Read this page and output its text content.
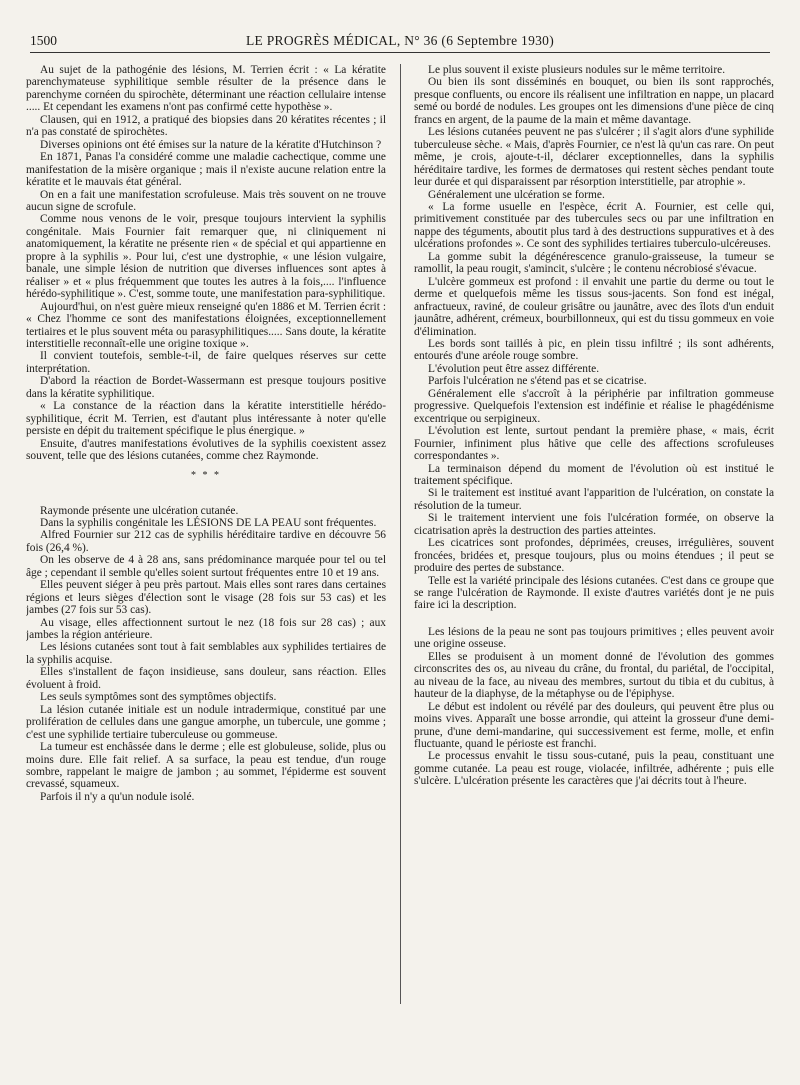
1500	LE PROGRÈS MÉDICAL, N° 36 (6 Septembre 1930)

Au sujet de la pathogénie des lésions, M. Terrien écrit : « La kératite parenchymateuse syphilitique semble résulter de la présence dans le parenchyme cornéen du spirochète, déterminant une réaction cellulaire intense ..... Et cependant les examens n'ont pas confirmé cette hypothèse ».

Clausen, qui en 1912, a pratiqué des biopsies dans 20 kératites récentes ; il n'a pas constaté de spirochètes.

Diverses opinions ont été émises sur la nature de la kératite d'Hutchinson ?

En 1871, Panas l'a considéré comme une maladie cachectique, comme une manifestation de la misère organique ; mais il n'existe aucune relation entre la kératite et le mauvais état général.

On en a fait une manifestation scrofuleuse. Mais très souvent on ne trouve aucun signe de scrofule.

Comme nous venons de le voir, presque toujours intervient la syphilis congénitale. Mais Fournier fait remarquer que, ni cliniquement ni anatomiquement, la kératite ne présente rien « de spécial et qui appartienne en propre à la syphilis ». Pour lui, c'est une dystrophie, « une lésion vulgaire, banale, une simple lésion de nutrition que diverses influences sont aptes à réaliser » et « plus fréquemment que toutes les autres à la fois,.... l'influence hérédo-syphilitique ». C'est, somme toute, une manifestation para-syphilitique.

Aujourd'hui, on n'est guère mieux renseigné qu'en 1886 et M. Terrien écrit : « Chez l'homme ce sont des manifestations éloignées, exceptionnellement tertiaires et le plus souvent méta ou parasyphilitiques..... Sans doute, la kératite interstitielle reconnaît-elle une origine toxique ».

Il convient toutefois, semble-t-il, de faire quelques réserves sur cette interprétation.

D'abord la réaction de Bordet-Wassermann est presque toujours positive dans la kératite syphilitique.

« La constance de la réaction dans la kératite interstitielle hérédo-syphilitique, écrit M. Terrien, est d'autant plus intéressante à noter qu'elle persiste en dépit du traitement spécifique le plus énergique. »

Ensuite, d'autres manifestations évolutives de la syphilis coexistent assez souvent, telle que des lésions cutanées, comme chez Raymonde.

* * *

Raymonde présente une ulcération cutanée.

Dans la syphilis congénitale les LÉSIONS DE LA PEAU sont fréquentes.

Alfred Fournier sur 212 cas de syphilis héréditaire tardive en découvre 56 fois (26,4 %).

On les observe de 4 à 28 ans, sans prédominance marquée pour tel ou tel âge ; cependant il semble qu'elles soient surtout fréquentes entre 10 et 19 ans.

Elles peuvent siéger à peu près partout. Mais elles sont rares dans certaines régions et leurs sièges d'élection sont le visage (28 fois sur 53 cas) et les jambes (27 fois sur 53 cas).

Au visage, elles affectionnent surtout le nez (18 fois sur 28 cas) ; aux jambes la région antérieure.

Les lésions cutanées sont tout à fait semblables aux syphilides tertiaires de la syphilis acquise.

Elles s'installent de façon insidieuse, sans douleur, sans réaction. Elles évoluent à froid.

Les seuls symptômes sont des symptômes objectifs.

La lésion cutanée initiale est un nodule intradermique, constitué par une prolifération de cellules dans une gangue amorphe, un tubercule, une gomme ; c'est une syphilide tertiaire tuberculeuse ou gommeuse.

La tumeur est enchâssée dans le derme ; elle est globuleuse, solide, plus ou moins dure. Elle fait relief. A sa surface, la peau est tendue, d'un rouge sombre, rappelant le maigre de jambon ; au sommet, l'épiderme est souvent crevassé, squameux.

Parfois il n'y a qu'un nodule isolé.

Le plus souvent il existe plusieurs nodules sur le même territoire.

Ou bien ils sont disséminés en bouquet, ou bien ils sont rapprochés, presque confluents, ou encore ils réalisent une infiltration en nappe, un placard semé ou bordé de nodules. Les groupes ont les dimensions d'une pièce de cinq francs en argent, de la paume de la main et même davantage.

Les lésions cutanées peuvent ne pas s'ulcérer ; il s'agit alors d'une syphilide tuberculeuse sèche. « Mais, d'après Fournier, ce n'est là qu'un cas rare. On peut même, je crois, ajoute-t-il, déclarer exceptionnelles, dans la syphilis héréditaire tardive, les formes de dermatoses qui restent sèches pendant toute leur durée et qui disparaissent par résorption interstitielle, par atrophie ».

Généralement une ulcération se forme.

« La forme usuelle en l'espèce, écrit A. Fournier, est celle qui, primitivement constituée par des tubercules secs ou par une infiltration en nappe des téguments, aboutit plus tard à des destructions suppuratives et à des ulcérations profondes ». Ce sont des syphilides tertiaires tuberculo-ulcéreuses.

La gomme subit la dégénérescence granulo-graisseuse, la tumeur se ramollit, la peau rougit, s'amincit, s'ulcère ; le contenu nécrobiosé s'évacue.

L'ulcère gommeux est profond : il envahit une partie du derme ou tout le derme et quelquefois même les tissus sous-jacents. Son fond est inégal, anfractueux, raviné, de couleur grisâtre ou jaunâtre, avec des îlots d'un enduit jaunâtre, adhérent, crémeux, bourbillonneux, qui est du tissu gommeux en voie d'élimination.

Les bords sont taillés à pic, en plein tissu infiltré ; ils sont adhérents, entourés d'une aréole rouge sombre.

L'évolution peut être assez différente.

Parfois l'ulcération ne s'étend pas et se cicatrise.

Généralement elle s'accroît à la périphérie par infiltration gommeuse progressive. Quelquefois l'extension est indéfinie et réalise le phagédénisme excentrique ou serpigineux.

L'évolution est lente, surtout pendant la première phase, « mais, écrit Fournier, infiniment plus hâtive que celle des affections scrofuleuses correspondantes ».

La terminaison dépend du moment de l'évolution où est institué le traitement spécifique.

Si le traitement est institué avant l'apparition de l'ulcération, on constate la résolution de la tumeur.

Si le traitement intervient une fois l'ulcération formée, on observe la cicatrisation après la destruction des parties atteintes.

Les cicatrices sont profondes, déprimées, creuses, irrégulières, souvent froncées, bridées et, presque toujours, plus ou moins étendues ; il peut se produire des pertes de substance.

Telle est la variété principale des lésions cutanées. C'est dans ce groupe que se range l'ulcération de Raymonde. Il existe d'autres variétés dont je ne puis faire ici la description.

Les lésions de la peau ne sont pas toujours primitives ; elles peuvent avoir une origine osseuse.

Elles se produisent à un moment donné de l'évolution des gommes circonscrites des os, au niveau du crâne, du frontal, du pariétal, de l'occipital, au niveau de la face, au niveau des membres, surtout du tibia et du cubitus, à hauteur de la diaphyse, de la métaphyse ou de l'épiphyse.

Le début est indolent ou révélé par des douleurs, qui peuvent être plus ou moins vives. Apparaît une bosse arrondie, qui atteint la grosseur d'une demi-prune, d'une demi-mandarine, qui successivement est ferme, molle, et enfin fluctuante, quand le périoste est franchi.

Le processus envahit le tissu sous-cutané, puis la peau, constituant une gomme cutanée. La peau est rouge, violacée, infiltrée, adhérente ; puis elle s'ulcère. L'ulcération présente les caractères que j'ai décrits tout à l'heure.
